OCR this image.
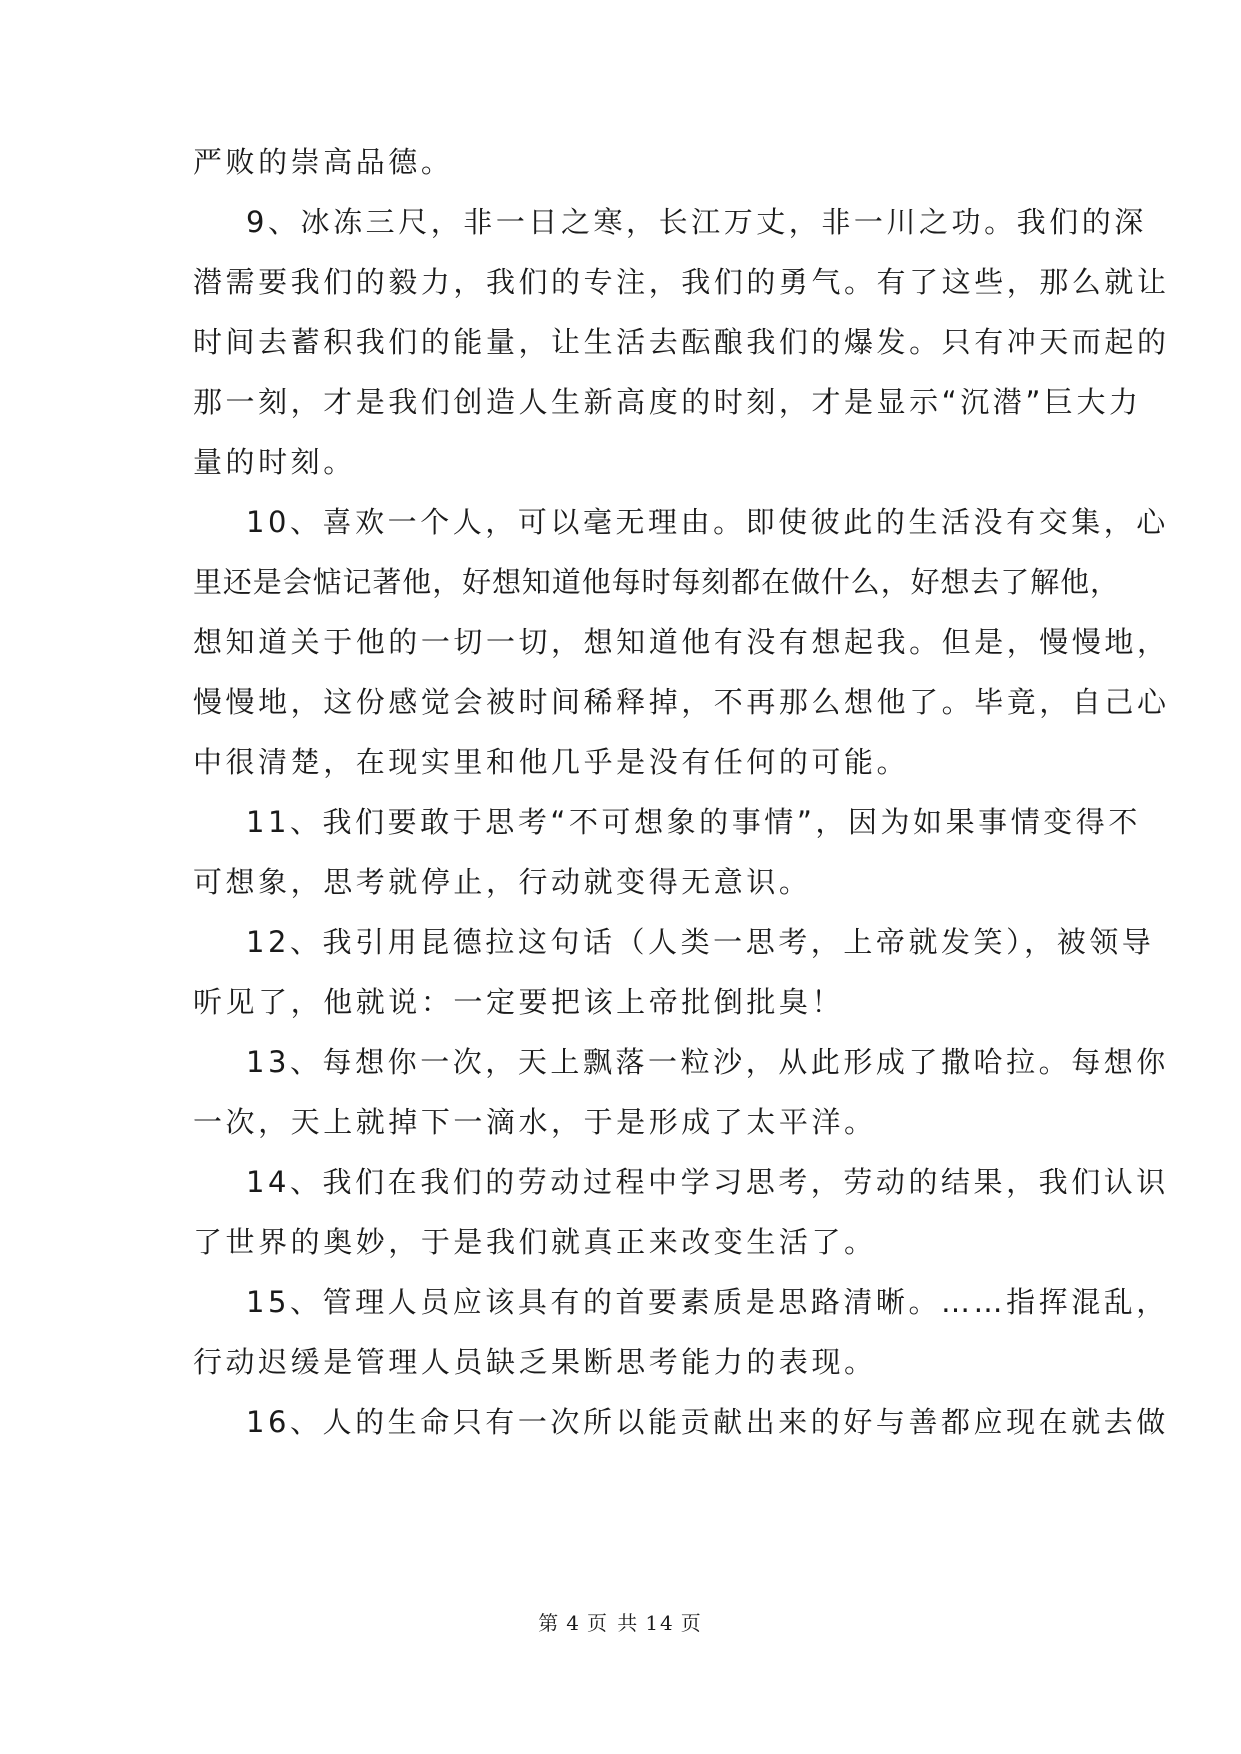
严败的崇高品德。
9、冰冻三尺，非一日之寒，长江万丈，非一川之功。我们的深
潜需要我们的毅力，我们的专注，我们的勇气。有了这些，那么就让
时间去蓄积我们的能量，让生活去酝酿我们的爆发。只有冲天而起的
那一刻，才是我们创造人生新高度的时刻，才是显示“沉潜”巨大力
量的时刻。
10、喜欢一个人，可以毫无理由。即使彼此的生活没有交集，心
里还是会惦记著他，好想知道他每时每刻都在做什么，好想去了解他，
想知道关于他的一切一切，想知道他有没有想起我。但是，慢慢地，
慢慢地，这份感觉会被时间稀释掉，不再那么想他了。毕竟，自己心
中很清楚，在现实里和他几乎是没有任何的可能。
11、我们要敢于思考“不可想象的事情”，因为如果事情变得不
可想象，思考就停止，行动就变得无意识。
12、我引用昆德拉这句话（人类一思考，上帝就发笑），被领导
听见了，他就说：一定要把该上帝批倒批臭！
13、每想你一次，天上飘落一粒沙，从此形成了撒哈拉。每想你
一次，天上就掉下一滴水，于是形成了太平洋。
14、我们在我们的劳动过程中学习思考，劳动的结果，我们认识
了世界的奥妙，于是我们就真正来改变生活了。
15、管理人员应该具有的首要素质是思路清晰。……指挥混乱，
行动迟缓是管理人员缺乏果断思考能力的表现。
16、人的生命只有一次所以能贡献出来的好与善都应现在就去做
第 4 页 共 14 页
